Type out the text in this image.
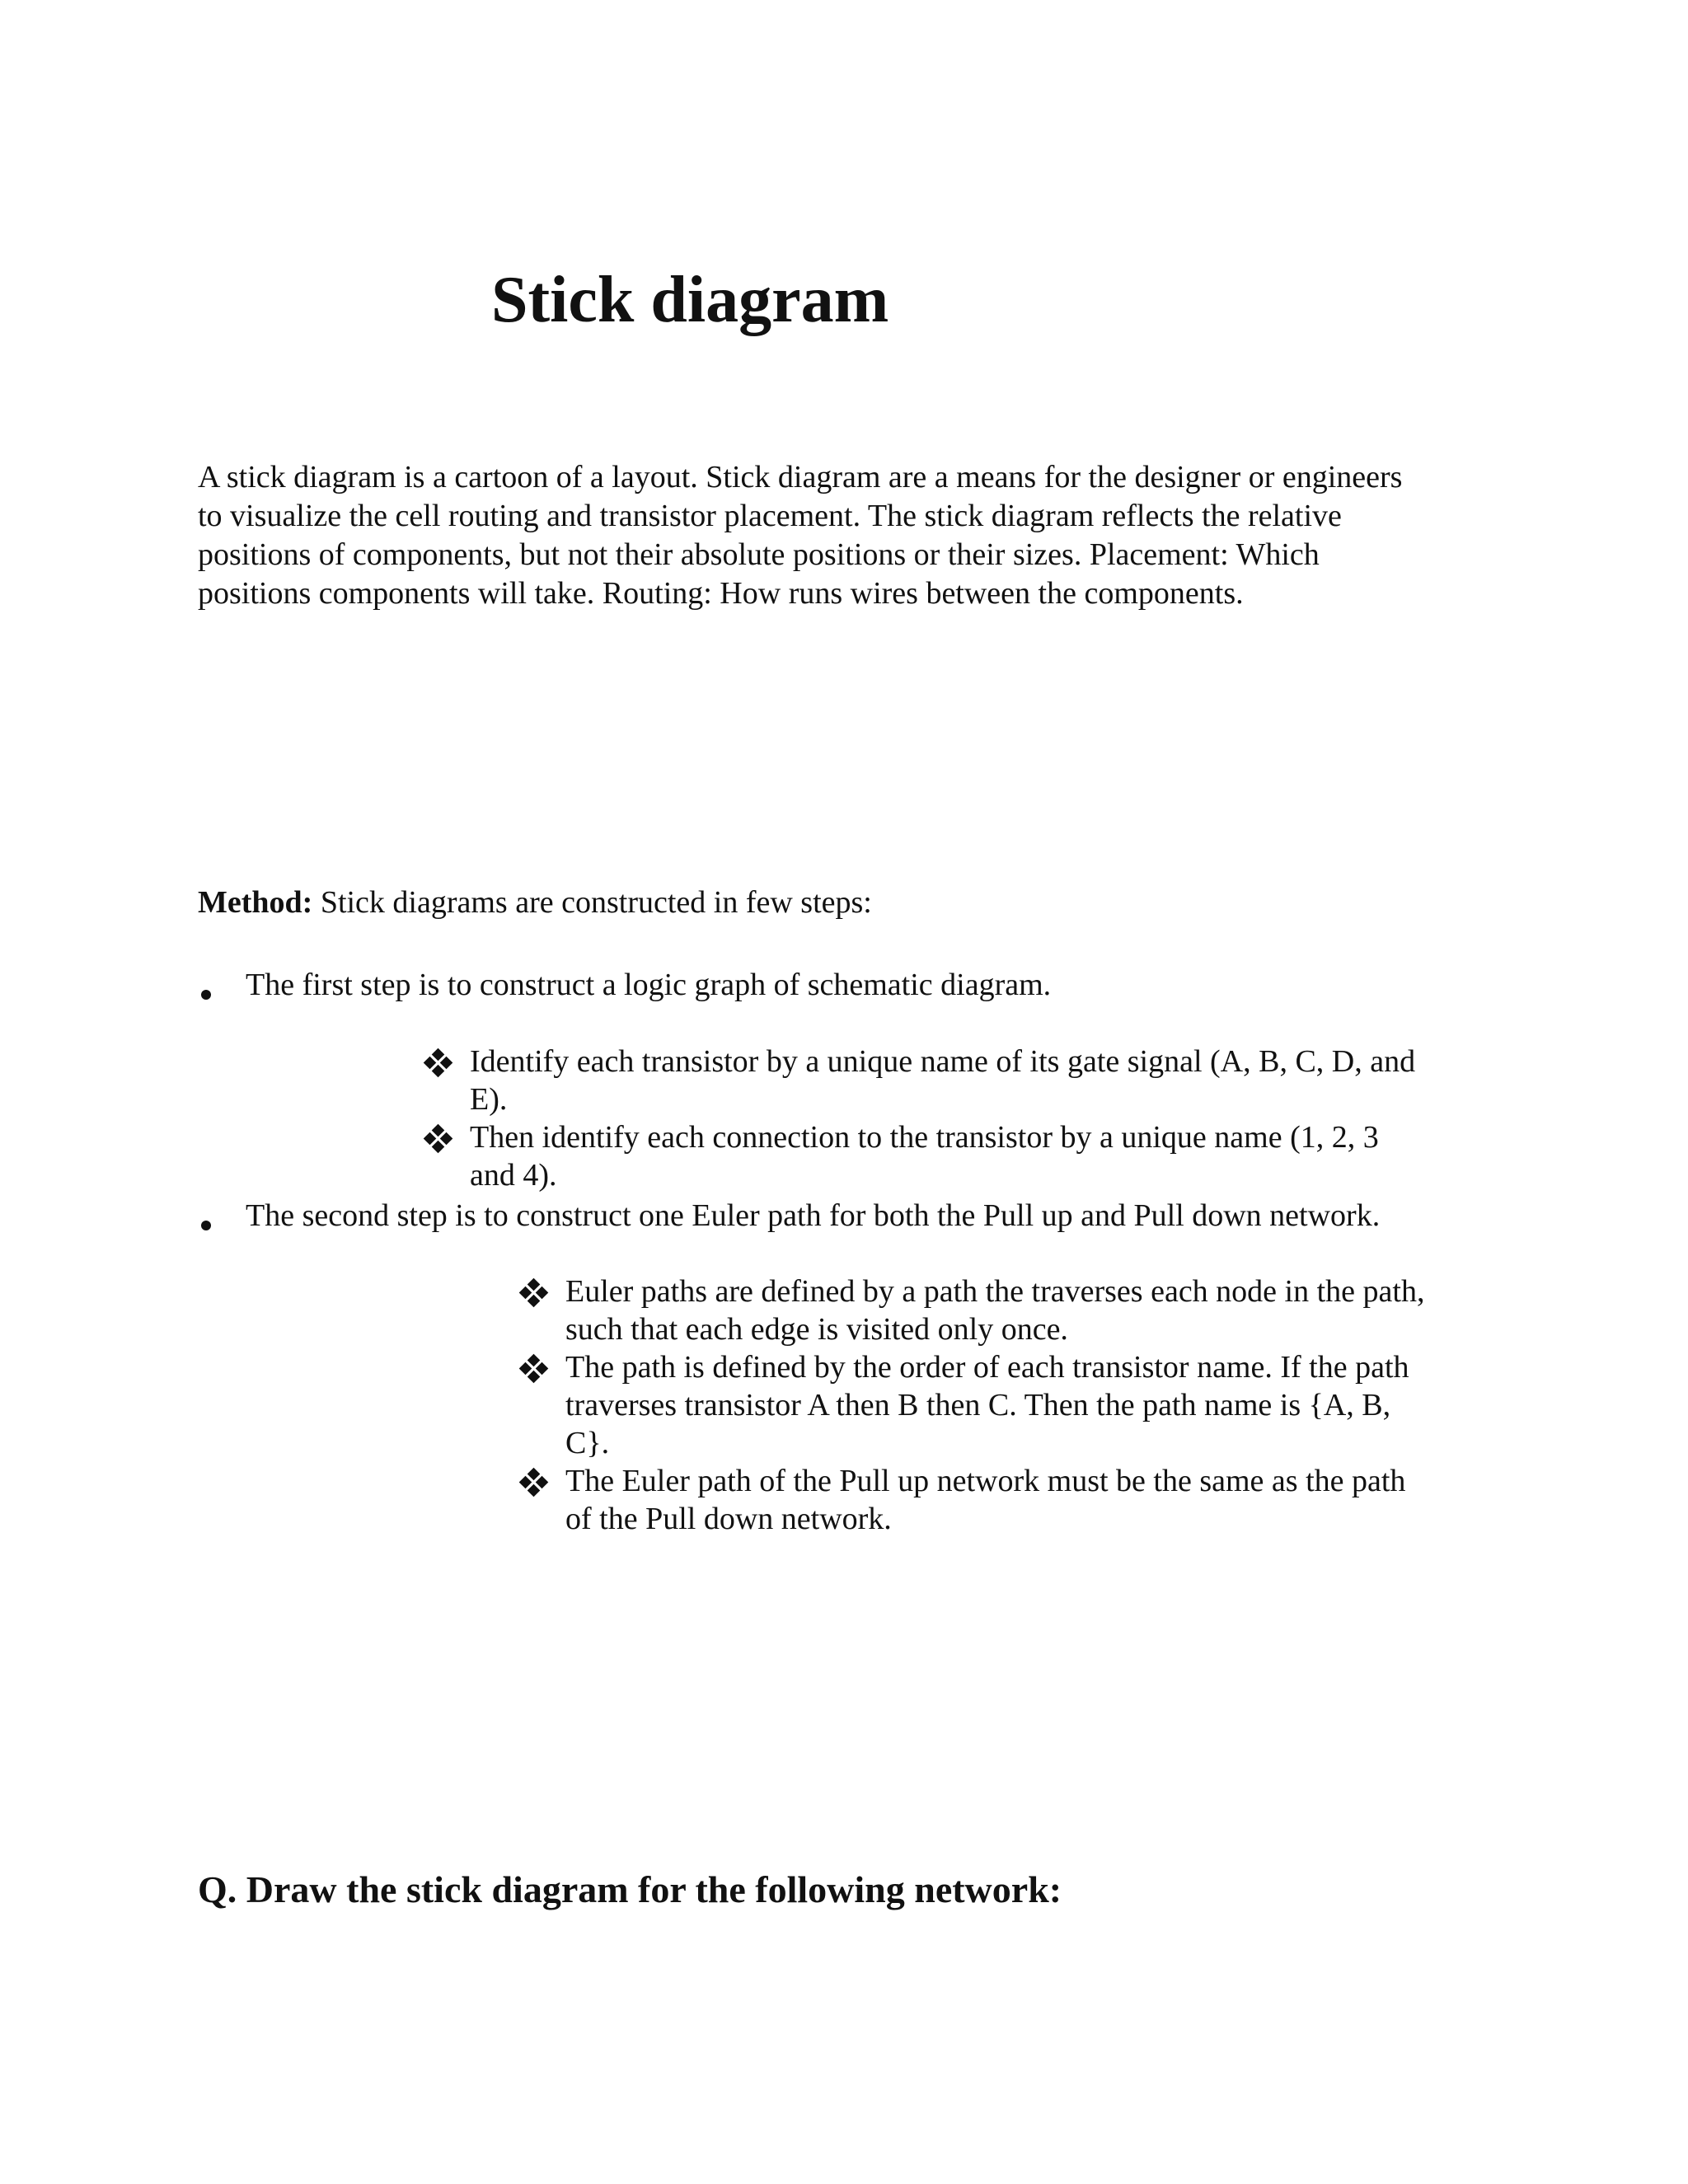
Stick diagram
A stick diagram is a cartoon of a layout. Stick diagram are a means for the designer or engineers
to visualize the cell routing and transistor placement. The stick diagram reflects the relative
positions of components, but not their absolute positions or their sizes. Placement: Which
positions components will take. Routing: How runs wires between the components.
Method: Stick diagrams are constructed in few steps:
The first step is to construct a logic graph of schematic diagram.
Identify each transistor by a unique name of its gate signal (A, B, C, D, and
E).
Then identify each connection to the transistor by a unique name (1, 2, 3
and 4).
The second step is to construct one Euler path for both the Pull up and Pull down network.
Euler paths are defined by a path the traverses each node in the path,
such that each edge is visited only once.
The path is defined by the order of each transistor name. If the path
traverses transistor A then B then C. Then the path name is {A, B,
C}.
The Euler path of the Pull up network must be the same as the path
of the Pull down network.
Q. Draw the stick diagram for the following network:
